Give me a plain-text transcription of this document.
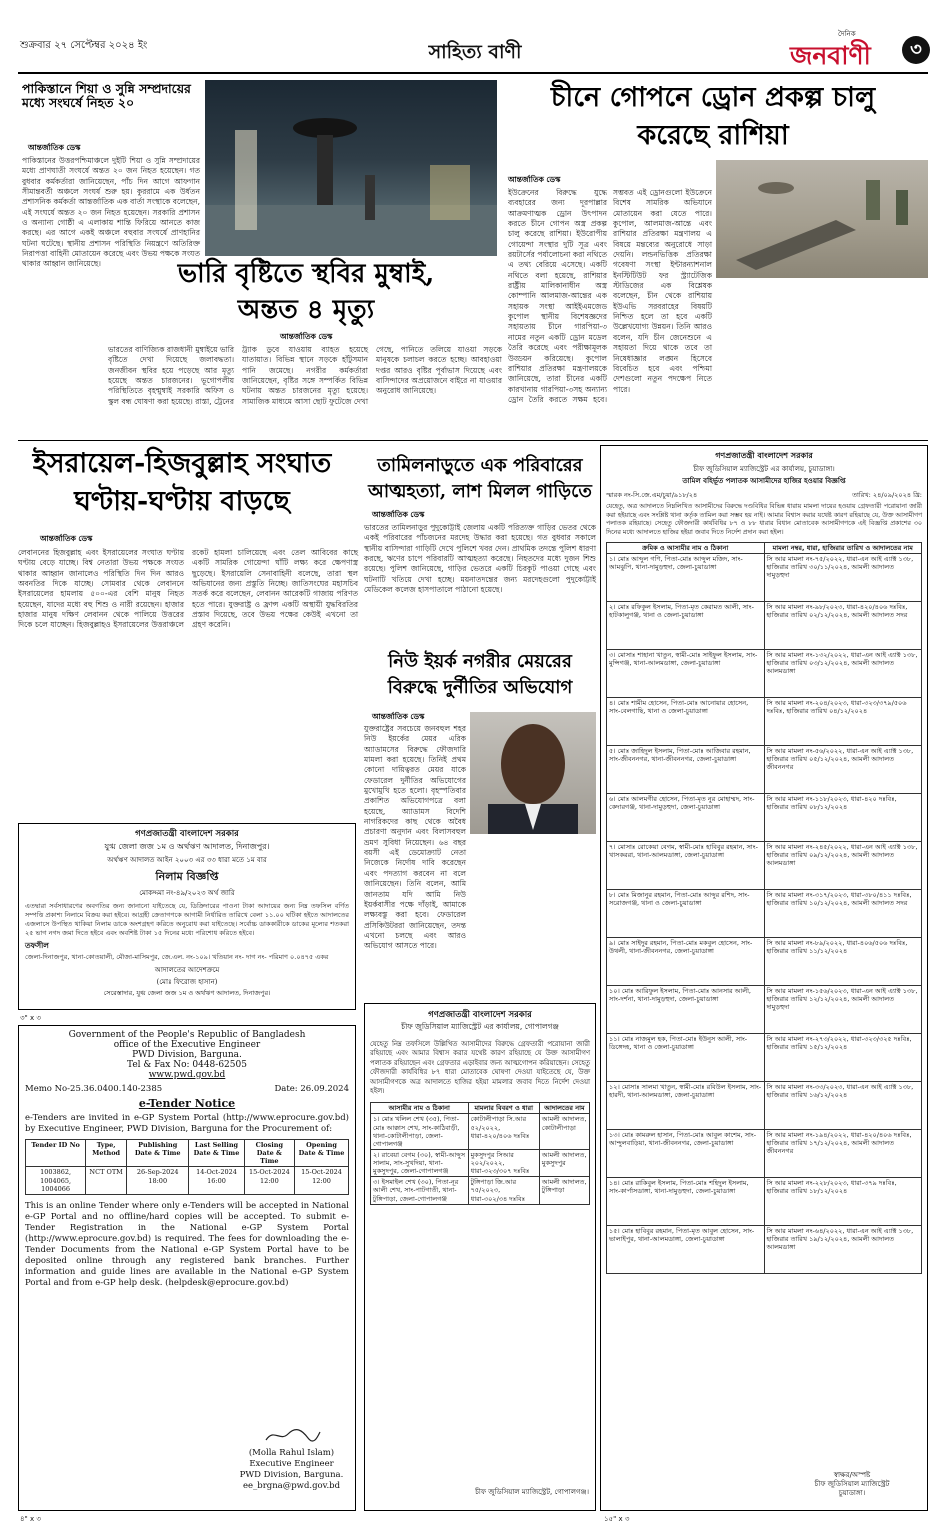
শুক্রবার ২৭ সেপ্টেম্বর ২০২৪ ইং	সাহিত্য বাণী
দৈনিক
জনবাণী	৩
পাকিস্তানে শিয়া ও সুন্নি সম্প্রদায়ের মধ্যে সংঘর্ষে নিহত ২০
আন্তর্জাতিক ডেস্ক
পাকিস্তানের উত্তরপশ্চিমাঞ্চলে দুইটি শিয়া ও সুন্নি সম্প্রদায়ের মধ্যে প্রাণঘাতী সংঘর্ষে অন্তত ২০ জন নিহত হয়েছেন। গত বুধবার কর্মকর্তারা জানিয়েছেন, পাঁচ দিন আগে আফগান সীমান্তবর্তী অঞ্চলে সংঘর্ষ শুরু হয়। কুররামে এক উর্ধতন প্রশাসনিক কর্মকর্তা আন্তর্জাতিক এক বার্তা সংস্থাকে বলেছেন, এই সংঘর্ষে অন্তত ২০ জন নিহত হয়েছেন। সরকারি প্রশাসন ও অন্যান্য গোষ্ঠী এ এলাকায় শান্তি ফিরিয়ে আনতে কাজ করছে। এর আগে একই অঞ্চলে বহুবার সংঘর্ষে প্রাণহানির ঘটনা ঘটেছে। স্থানীয় প্রশাসন পরিস্থিতি নিয়ন্ত্রণে অতিরিক্ত নিরাপত্তা বাহিনী মোতায়েন করেছে এবং উভয় পক্ষকে সংযত থাকার আহ্বান জানিয়েছে।	ভারি বৃষ্টিতে স্থবির মুম্বাই,
অন্তত ৪ মৃত্যু
আন্তর্জাতিক ডেস্ক
ভারতের বাণিজ্যিক রাজধানী মুম্বাইয়ে ভারি বৃষ্টিতে দেখা দিয়েছে জলাবদ্ধতা। জনজীবন স্থবির হয়ে পড়েছে আর মৃত্যু হয়েছে অন্তত চারজনের। ভূগোপলীয় পরিস্থিতিতে বৃহন্মুম্বাই সরকারি অফিস ও স্কুল বন্ধ ঘোষণা করা হয়েছে। রাস্তা, ট্রেনের ট্র্যাক ডুবে যাওয়ায় ব্যাহত হয়েছে যাতায়াত। বিভিন্ন স্থানে সড়কে হাঁটুসমান পানি জমেছে। নগরীর কর্মকর্তারা জানিয়েছেন, বৃষ্টির সঙ্গে সম্পর্কিত বিভিন্ন ঘটনায় অন্তত চারজনের মৃত্যু হয়েছে। সামাজিক মাধ্যমে আসা ছোট ফুটেজে দেখা গেছে, পানিতে তলিয়ে যাওয়া সড়কে মানুষকে চলাচল করতে হচ্ছে। আবহাওয়া দপ্তর আরও বৃষ্টির পূর্বাভাস দিয়েছে এবং বাসিন্দাদের অপ্রয়োজনে বাইরে না যাওয়ার অনুরোধ জানিয়েছে।
চীনে গোপনে ড্রোন প্রকল্প চালু
করেছে রাশিয়া
আন্তর্জাতিক ডেস্ক
ইউক্রেনের বিরুদ্ধে যুদ্ধে ব্যবহারের জন্য দূরপাল্লার আক্রমণাত্মক ড্রোন উৎপাদন করতে চীনে গোপন অস্ত্র প্রকল্প চালু করেছে রাশিয়া। ইউরোপীয় গোয়েন্দা সংস্থার দুটি সূত্র এবং রয়টার্সের পর্যালোচনা করা নথিতে এ তথ্য বেরিয়ে এসেছে। একটি নথিতে বলা হয়েছে, রাশিয়ার রাষ্ট্রীয় মালিকানাধীন অস্ত্র কোম্পানি আলমাজ-আন্তের এক সহায়ক সংস্থা আইইএমজেড কুপোল স্থানীয় বিশেষজ্ঞদের সহায়তায় চীনে গারপিয়া-৩ নামের নতুন একটি ড্রোন মডেল তৈরি করেছে এবং পরীক্ষামূলক উড্ডয়ন করিয়েছে। কুপোল রাশিয়ার প্রতিরক্ষা মন্ত্রণালয়কে জানিয়েছে, তারা চীনের একটি কারখানায় গারপিয়া-৩সহ অন্যান্য ড্রোন তৈরি করতে সক্ষম হবে। সম্ভবত এই ড্রোনগুলো ইউক্রেনে বিশেষ সামরিক অভিযানে মোতায়েন করা যেতে পারে। কুপোল, আলমাজ-আন্তে এবং রাশিয়ার প্রতিরক্ষা মন্ত্রণালয় এ বিষয়ে মন্তব্যের অনুরোধে সাড়া দেয়নি। লন্ডনভিত্তিক প্রতিরক্ষা গবেষণা সংস্থা ইন্টারন্যাশনাল ইনস্টিটিউট ফর স্ট্র্যাটেজিক স্টাডিজের এক বিশ্লেষক বলেছেন, চীন থেকে রাশিয়ায় ইউএভি সরবরাহের বিষয়টি নিশ্চিত হলে তা হবে একটি উল্লেখযোগ্য উন্নয়ন। তিনি আরও বলেন, যদি চীন জেনেশুনে এ সহায়তা দিয়ে থাকে তবে তা নিষেধাজ্ঞার লঙ্ঘন হিসেবে বিবেচিত হবে এবং পশ্চিমা দেশগুলো নতুন পদক্ষেপ নিতে পারে।
ইসরায়েল-হিজবুল্লাহ সংঘাত
ঘণ্টায়-ঘণ্টায় বাড়ছে
আন্তর্জাতিক ডেস্ক
লেবাননের হিজবুল্লাহ এবং ইসরায়েলের সংঘাত ঘণ্টায় ঘণ্টায় বেড়ে যাচ্ছে। বিশ্ব নেতারা উভয় পক্ষকে সংযত থাকার আহ্বান জানালেও পরিস্থিতি দিন দিন আরও অবনতির দিকে যাচ্ছে। সোমবার থেকে লেবাননে ইসরায়েলের হামলায় ৫০০-এর বেশি মানুষ নিহত হয়েছেন, যাদের মধ্যে বহু শিশু ও নারী রয়েছেন। হাজার হাজার মানুষ দক্ষিণ লেবানন থেকে পালিয়ে উত্তরের দিকে চলে যাচ্ছেন। হিজবুল্লাহও ইসরায়েলের উত্তরাঞ্চলে রকেট হামলা চালিয়েছে এবং তেল আবিবের কাছে একটি সামরিক গোয়েন্দা ঘাঁটি লক্ষ্য করে ক্ষেপণাস্ত্র ছুড়েছে। ইসরায়েলি সেনাবাহিনী বলেছে, তারা স্থল অভিযানের জন্য প্রস্তুতি নিচ্ছে। জাতিসংঘের মহাসচিব সতর্ক করে বলেছেন, লেবানন আরেকটি গাজায় পরিণত হতে পারে। যুক্তরাষ্ট্র ও ফ্রান্স একটি অস্থায়ী যুদ্ধবিরতির প্রস্তাব দিয়েছে, তবে উভয় পক্ষের কেউই এখনো তা গ্রহণ করেনি।
তামিলনাড়ুতে এক পরিবারের
আত্মহত্যা, লাশ মিলল গাড়িতে
আন্তর্জাতিক ডেস্ক
ভারতের তামিলনাড়ুর পুদুকোট্টাই জেলায় একটি পরিত্যক্ত গাড়ির ভেতর থেকে একই পরিবারের পাঁচজনের মরদেহ উদ্ধার করা হয়েছে। গত বুধবার সকালে স্থানীয় বাসিন্দারা গাড়িটি দেখে পুলিশে খবর দেন। প্রাথমিক তদন্তে পুলিশ ধারণা করছে, ঋণের চাপে পরিবারটি আত্মহত্যা করেছে। নিহতদের মধ্যে দুজন শিশু রয়েছে। পুলিশ জানিয়েছে, গাড়ির ভেতরে একটি চিরকুট পাওয়া গেছে এবং ঘটনাটি খতিয়ে দেখা হচ্ছে। ময়নাতদন্তের জন্য মরদেহগুলো পুদুকোট্টাই মেডিকেল কলেজ হাসপাতালে পাঠানো হয়েছে।
নিউ ইয়র্ক নগরীর মেয়রের
বিরুদ্ধে দুর্নীতির অভিযোগ
আন্তর্জাতিক ডেস্ক
যুক্তরাষ্ট্রের সবচেয়ে জনবহুল শহর নিউ ইয়র্কের মেয়র এরিক অ্যাডামসের বিরুদ্ধে ফৌজদারি মামলা করা হয়েছে। তিনিই প্রথম কোনো দায়িত্বরত মেয়র যাকে ফেডারেল দুর্নীতির অভিযোগের মুখোমুখি হতে হলো। বৃহস্পতিবার প্রকাশিত অভিযোগপত্রে বলা হয়েছে, অ্যাডামস বিদেশি নাগরিকদের কাছ থেকে অবৈধ প্রচারণা অনুদান এবং বিলাসবহুল ভ্রমণ সুবিধা নিয়েছেন। ৬৪ বছর বয়সী এই ডেমোক্র্যাট নেতা নিজেকে নির্দোষ দাবি করেছেন এবং পদত্যাগ করবেন না বলে জানিয়েছেন। তিনি বলেন, আমি জানতাম যদি আমি নিউ ইয়র্কবাসীর পক্ষে দাঁড়াই, আমাকে লক্ষ্যবস্তু করা হবে। ফেডারেল প্রসিকিউটররা জানিয়েছেন, তদন্ত এখনো চলছে এবং আরও অভিযোগ আসতে পারে।
গণপ্রজাতন্ত্রী বাংলাদেশ সরকার
যুগ্ম জেলা জজ ১ম ও অর্থঋণ আদালত, দিনাজপুর।
অর্থঋণ আদালত আইন ২০০৩ এর ৩৩ ধারা মতে ১ম বার
নিলাম বিজ্ঞপ্তি
মোকদ্দমা নং-৪৯/২০২৩ অর্থ জারি
এতদ্বারা সর্বসাধারণের অবগতির জন্য জানানো যাইতেছে যে, ডিক্রিদারের পাওনা টাকা আদায়ের জন্য নিম্ন তফসিল বর্ণিত সম্পত্তি প্রকাশ্য নিলামে বিক্রয় করা হইবে। আগ্রহী ক্রেতাগণকে আগামী নির্ধারিত তারিখে বেলা ১১.০০ ঘটিকা হইতে আদালতের এজলাসে উপস্থিত থাকিয়া নিলাম ডাকে অংশগ্রহণ করিতে অনুরোধ করা যাইতেছে। সর্বোচ্চ ডাককারীকে ডাকের মূল্যের শতকরা ২৫ ভাগ নগদ জমা দিতে হইবে এবং অবশিষ্ট টাকা ১৫ দিনের মধ্যে পরিশোধ করিতে হইবে।
তফসীল
জেলা-দিনাজপুর, থানা-কোতয়ালী, মৌজা-মাসিমপুর, জে.এল. নং-১০৯। খতিয়ান নং- দাগ নং- পরিমাণ ০.০৪৭৫ একর
আদালতের আদেশক্রমে
(মোঃ ফিরোজ হাসান)
সেরেস্তাদার, যুগ্ম জেলা জজ ১ম ও অর্থঋণ আদালত, দিনাজপুর।
৩" x ৩
Government of the People's Republic of Bangladesh
office of the Executive Engineer
PWD Division, Barguna.
Tel & Fax No: 0448-62505
www.pwd.gov.bd
Memo No-25.36.0400.140-2385	Date: 26.09.2024
e-Tender Notice
e-Tenders are invited in e-GP System Portal (http://www.eprocure.gov.bd) by Executive Engineer, PWD Division, Barguna for the Procurement of:
Tender ID No	Type, Method	Publishing Date & Time	Last Selling Date & Time	Closing Date & Time	Opening Date & Time
1003862, 1004065, 1004066	NCT OTM	26-Sep-2024 18:00	14-Oct-2024 16:00	15-Oct-2024 12:00	15-Oct-2024 12:00
This is an online Tender where only e-Tenders will be accepted in National e-GP Portal and no offline/hard copies will be accepted. To submit e-Tender Registration in the National e-GP System Portal (http://www.eprocure.gov.bd) is required. The fees for downloading the e-Tender Documents from the National e-GP System Portal have to be deposited online through any registered bank branches. Further information and guide lines are available in the National e-GP System Portal and from e-GP help desk. (helpdesk@eprocure.gov.bd)
(Molla Rahul Islam)
Executive Engineer
PWD Division, Barguna.
ee_brgna@pwd.gov.bd
৪" x ৩
গণপ্রজাতন্ত্রী বাংলাদেশ সরকার
চীফ জুডিসিয়াল ম্যাজিস্ট্রেট এর কার্যালয়, গোপালগঞ্জ
যেহেতু নিম্ন তফসিলে উল্লিখিত আসামীদের বিরুদ্ধে গ্রেফতারী পরোয়ানা জারী রহিয়াছে এবং আমার বিশ্বাস করার যথেষ্ট কারণ রহিয়াছে যে উক্ত আসামীগণ পলাতক রহিয়াছেন এবং গ্রেফতার এড়াইবার জন্য আত্মগোপন করিয়াছেন। সেহেতু ফৌজদারী কার্যবিধির ৮৭ ধারা মোতাবেক ঘোষণা দেওয়া যাইতেছে যে, উক্ত আসামীগণকে অত্র আদালতে হাজির হইয়া মামলার জবাব দিতে নির্দেশ দেওয়া হইল।
আসামীর নাম ও ঠিকানা	মামলার বিবরণ ও ধারা	আদালতের নাম
১। মোঃ খলিল শেখ (৩৫), পিতা-মোঃ আক্কাস শেখ, সাং-কাঠিবাড়ী, থানা-কোটালীপাড়া, জেলা-গোপালগঞ্জ	কোটালীপাড়া সি.আর ৫২/২০২২, ধারা-৪২০/৪০৬ দঃবিঃ	আমলী আদালত, কোটালীপাড়া
২। রাবেয়া বেগম (৩০), স্বামী-আব্দুস সালাম, সাং-সুখদিয়া, থানা-মুকসুদপুর, জেলা-গোপালগঞ্জ	মুকসুদপুর সিআর ২০২/২০২২, ধারা-৩২৩/৩০৭ দঃবিঃ	আমলী আদালত, মুকসুদপুর
৩। ইসমাইল শেখ (৩০), পিতা-নূর আলী শেখ, সাং-পাটগাতী, থানা-টুঙ্গিপাড়া, জেলা-গোপালগঞ্জ	টুঙ্গিপাড়া জি.আর ৭৫/২০২৩, ধারা-৩০২/৩৪ দঃবিঃ	আমলী আদালত, টুঙ্গিপাড়া
চীফ জুডিসিয়াল ম্যাজিস্ট্রেট, গোপালগঞ্জ।
গণপ্রজাতন্ত্রী বাংলাদেশ সরকার
চীফ জুডিসিয়াল ম্যাজিস্ট্রেট এর কার্যালয়, চুয়াডাঙ্গা।
তামিল বহির্ভূত পলাতক আসামীদের হাজির হওয়ার বিজ্ঞপ্তি
স্মারক নং-সি.জে.এম/চুয়া/৯১৮/২৪	তারিখ: ২৪/০৯/২০২৪ খ্রি:
যেহেতু, অত্র আদালতে নিম্নলিখিত আসামীদের বিরুদ্ধে দণ্ডবিধির বিভিন্ন ধারায় মামলা দায়ের হওয়ায় গ্রেফতারী পরোয়ানা জারী করা হইয়াছে এবং সংশ্লিষ্ট থানা কর্তৃক তামিল করা সম্ভব হয় নাই। আমার বিশ্বাস করার যথেষ্ট কারণ রহিয়াছে যে, উক্ত আসামীগণ পলাতক রহিয়াছে। সেহেতু ফৌজদারী কার্যবিধির ৮৭ ও ৮৮ ধারার বিধান মোতাবেক আসামীগণকে এই বিজ্ঞপ্তি প্রকাশের ৩০ দিনের মধ্যে আদালতে হাজির হইয়া জবাব দিতে নির্দেশ প্রদান করা হইল।
ক্রমিক ও আসামীর নাম ও ঠিকানা	মামলা নম্বর, ধারা, হাজিরার তারিখ ও আদালতের নাম
১। মোঃ আব্দুল গণি, পিতা-মোঃ আব্দুল মজিদ, সাং-আমঝুপি, থানা-দামুড়হুদা, জেলা-চুয়াডাঙ্গা	সি আর মামলা নং-৭৫/২০২২, ধারা-এন আই এ্যাক্ট ১৩৮, হাজিরার তারিখ ৩০/১১/২০২৪, আমলী আদালত দামুড়হুদা
২। মোঃ রফিকুল ইসলাম, পিতা-মৃত কেরামত আলী, সাং-হাটকালুগঞ্জ, থানা ও জেলা-চুয়াডাঙ্গা	সি আর মামলা নং-৯৮/২০২৩, ধারা-৪২০/৪০৬ দঃবিঃ, হাজিরার তারিখ ০২/১২/২০২৪, আমলী আদালত সদর
৩। মোসাঃ শাহানা খাতুন, স্বামী-মোঃ সাইফুল ইসলাম, সাং-মুন্সিগঞ্জ, থানা-আলমডাঙ্গা, জেলা-চুয়াডাঙ্গা	সি আর মামলা নং-১৩২/২০২২, ধারা-এন আই এ্যাক্ট ১৩৮, হাজিরার তারিখ ০৩/১২/২০২৪, আমলী আদালত আলমডাঙ্গা
৪। মোঃ শামীম হোসেন, পিতা-মোঃ আনোয়ার হোসেন, সাং-বেলগাছি, থানা ও জেলা-চুয়াডাঙ্গা	সি আর মামলা নং-২০৪/২০২৩, ধারা-৩২৩/৩৭৯/৫০৬ দঃবিঃ, হাজিরার তারিখ ০৪/১২/২০২৪
৫। মোঃ জাহিদুল ইসলাম, পিতা-মোঃ আজিবার রহমান, সাং-জীবননগর, থানা-জীবননগর, জেলা-চুয়াডাঙ্গা	সি আর মামলা নং-৫৬/২০২২, ধারা-এন আই এ্যাক্ট ১৩৮, হাজিরার তারিখ ০৫/১২/২০২৪, আমলী আদালত জীবননগর
৬। মোঃ আলমগীর হোসেন, পিতা-মৃত নুর মোহাম্মদ, সাং-কেদারগঞ্জ, থানা-দামুড়হুদা, জেলা-চুয়াডাঙ্গা	সি আর মামলা নং-১১৮/২০২৩, ধারা-৪২০ দঃবিঃ, হাজিরার তারিখ ০৮/১২/২০২৪
৭। মোসাঃ রোকেয়া বেগম, স্বামী-মোঃ হাবিবুর রহমান, সাং-খাসকররা, থানা-আলমডাঙ্গা, জেলা-চুয়াডাঙ্গা	সি আর মামলা নং-২৪৫/২০২২, ধারা-এন আই এ্যাক্ট ১৩৮, হাজিরার তারিখ ০৯/১২/২০২৪, আমলী আদালত আলমডাঙ্গা
৮। মোঃ মিজানুর রহমান, পিতা-মোঃ আব্দুর রশিদ, সাং-সরোজগঞ্জ, থানা ও জেলা-চুয়াডাঙ্গা	সি আর মামলা নং-৩১৭/২০২৩, ধারা-৩৮০/৪১১ দঃবিঃ, হাজিরার তারিখ ১০/১২/২০২৪, আমলী আদালত সদর
৯। মোঃ সাইদুর রহমান, পিতা-মোঃ মকবুল হোসেন, সাং-উথলী, থানা-জীবননগর, জেলা-চুয়াডাঙ্গা	সি আর মামলা নং-৮৯/২০২২, ধারা-৪০৬/৫০৬ দঃবিঃ, হাজিরার তারিখ ১১/১২/২০২৪
১০। মোঃ আরিফুল ইসলাম, পিতা-মোঃ আনসার আলী, সাং-দর্শনা, থানা-দামুড়হুদা, জেলা-চুয়াডাঙ্গা	সি আর মামলা নং-১৫৬/২০২৩, ধারা-এন আই এ্যাক্ট ১৩৮, হাজিরার তারিখ ১২/১২/২০২৪, আমলী আদালত দামুড়হুদা
১১। মোঃ নাজমুল হক, পিতা-মোঃ ইউনুস আলী, সাং-ডিঙ্গেদহ, থানা ও জেলা-চুয়াডাঙ্গা	সি আর মামলা নং-২৭৩/২০২২, ধারা-৩২৩/৩২৫ দঃবিঃ, হাজিরার তারিখ ১৫/১২/২০২৪
১২। মোসাঃ সালমা খাতুন, স্বামী-মোঃ রবিউল ইসলাম, সাং-হারদী, থানা-আলমডাঙ্গা, জেলা-চুয়াডাঙ্গা	সি আর মামলা নং-৩৩/২০২৩, ধারা-এন আই এ্যাক্ট ১৩৮, হাজিরার তারিখ ১৬/১২/২০২৪
১৩। মোঃ কামরুল হাসান, পিতা-মোঃ আবুল কাশেম, সাং-আন্দুলবাড়িয়া, থানা-জীবননগর, জেলা-চুয়াডাঙ্গা	সি আর মামলা নং-১৯৪/২০২২, ধারা-৪২০/৪০৬ দঃবিঃ, হাজিরার তারিখ ১৭/১২/২০২৪, আমলী আদালত জীবননগর
১৪। মোঃ রাকিবুল ইসলাম, পিতা-মোঃ শহিদুল ইসলাম, সাং-কার্পাসডাঙ্গা, থানা-দামুড়হুদা, জেলা-চুয়াডাঙ্গা	সি আর মামলা নং-২২৮/২০২৩, ধারা-৩৭৯ দঃবিঃ, হাজিরার তারিখ ১৮/১২/২০২৪
১৫। মোঃ হাবিবুর রহমান, পিতা-মৃত আবুল হোসেন, সাং-ভালাইপুর, থানা-আলমডাঙ্গা, জেলা-চুয়াডাঙ্গা	সি আর মামলা নং-৬৪/২০২২, ধারা-এন আই এ্যাক্ট ১৩৮, হাজিরার তারিখ ১৯/১২/২০২৪, আমলী আদালত আলমডাঙ্গা
স্বাক্ষর/অস্পষ্ট
চীফ জুডিসিয়াল ম্যাজিস্ট্রেট
চুয়াডাঙ্গা।
১৫" x ৩
